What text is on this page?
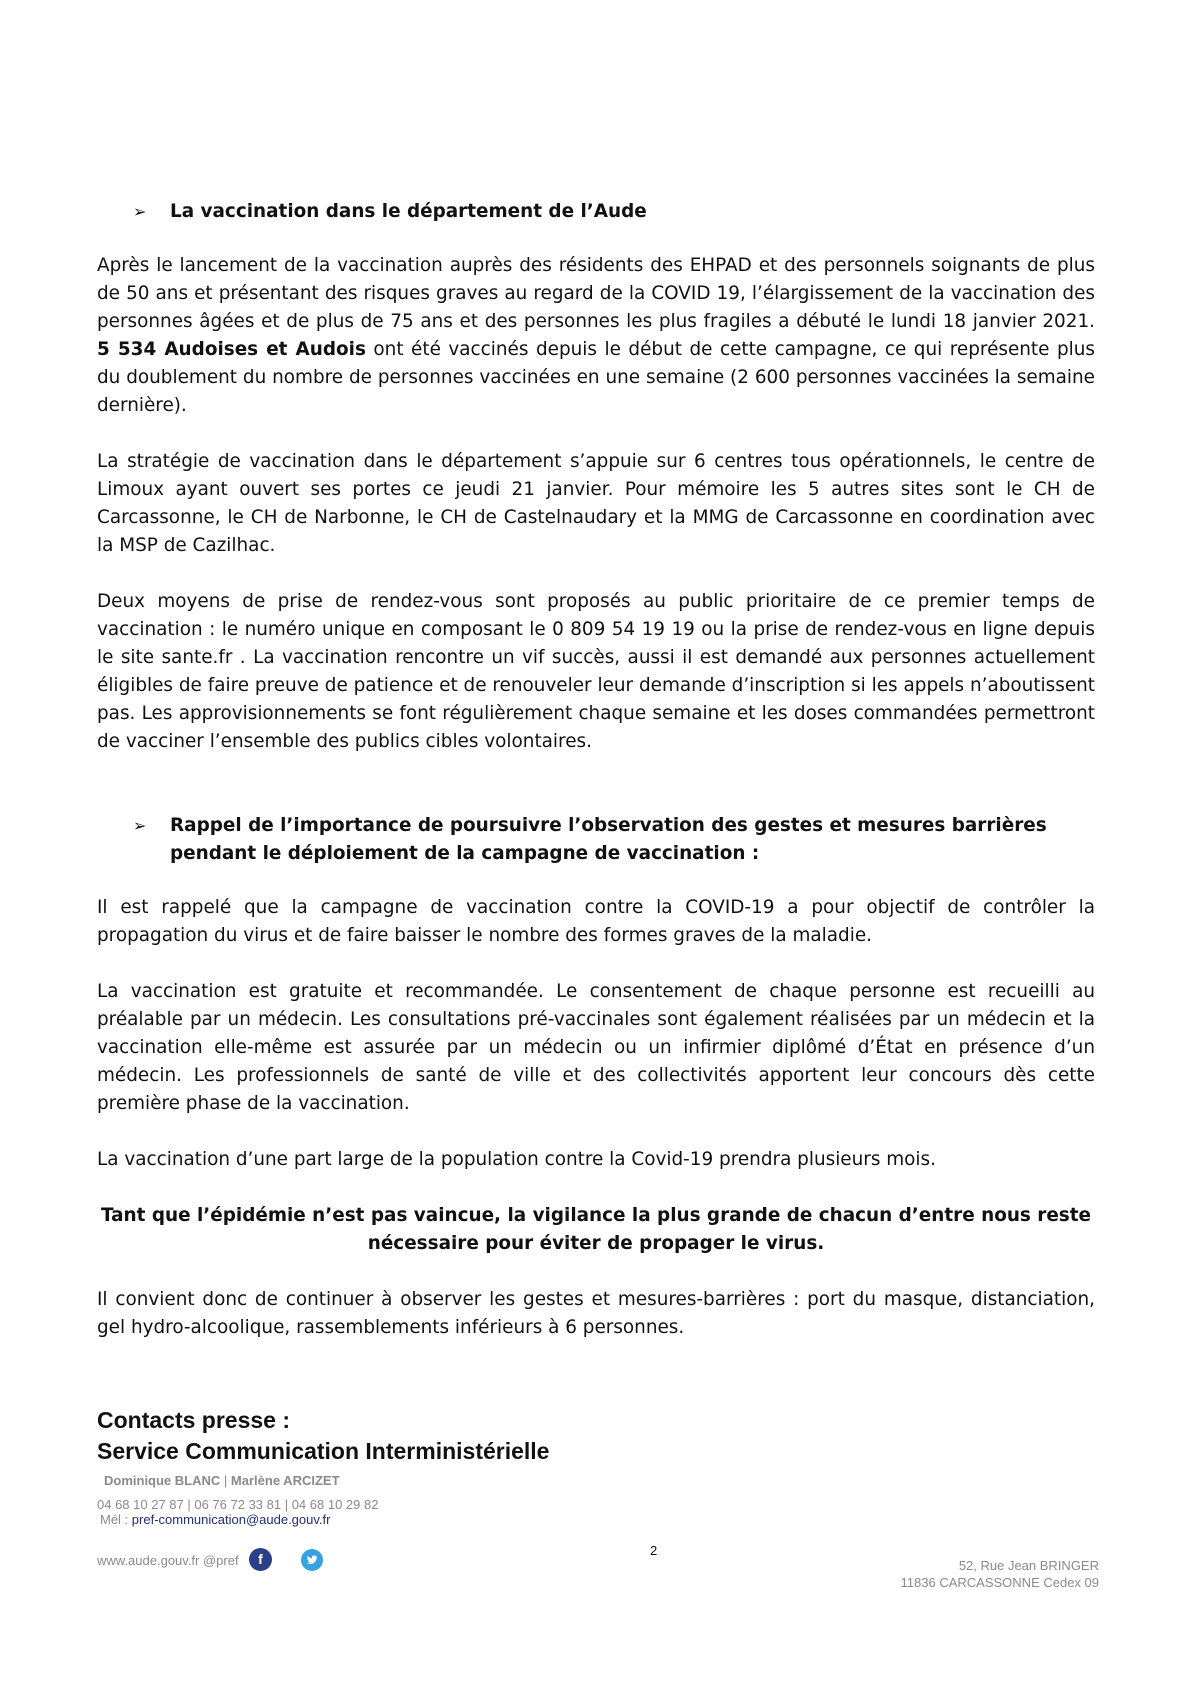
➢ La vaccination dans le département de l’Aude

Après le lancement de la vaccination auprès des résidents des EHPAD et des personnels soignants de plus de 50 ans et présentant des risques graves au regard de la COVID 19, l’élargissement de la vaccination des personnes âgées et de plus de 75 ans et des personnes les plus fragiles a débuté le lundi 18 janvier 2021. 5 534 Audoises et Audois ont été vaccinés depuis le début de cette campagne, ce qui représente plus du doublement du nombre de personnes vaccinées en une semaine (2 600 personnes vaccinées la semaine dernière).

La stratégie de vaccination dans le département s’appuie sur 6 centres tous opérationnels, le centre de Limoux ayant ouvert ses portes ce jeudi 21 janvier. Pour mémoire les 5 autres sites sont le CH de Carcassonne, le CH de Narbonne, le CH de Castelnaudary et la MMG de Carcassonne en coordination avec la MSP de Cazilhac.

Deux moyens de prise de rendez-vous sont proposés au public prioritaire de ce premier temps de vaccination : le numéro unique en composant le 0 809 54 19 19 ou la prise de rendez-vous en ligne depuis le site sante.fr . La vaccination rencontre un vif succès, aussi il est demandé aux personnes actuellement éligibles de faire preuve de patience et de renouveler leur demande d’inscription si les appels n’aboutissent pas. Les approvisionnements se font régulièrement chaque semaine et les doses commandées permettront de vacciner l’ensemble des publics cibles volontaires.

➢ Rappel de l’importance de poursuivre l’observation des gestes et mesures barrières pendant le déploiement de la campagne de vaccination :

Il est rappelé que la campagne de vaccination contre la COVID-19 a pour objectif de contrôler la propagation du virus et de faire baisser le nombre des formes graves de la maladie.

La vaccination est gratuite et recommandée. Le consentement de chaque personne est recueilli au préalable par un médecin. Les consultations pré-vaccinales sont également réalisées par un médecin et la vaccination elle-même est assurée par un médecin ou un infirmier diplômé d’État en présence d’un médecin. Les professionnels de santé de ville et des collectivités apportent leur concours dès cette première phase de la vaccination.

La vaccination d’une part large de la population contre la Covid-19 prendra plusieurs mois.

Tant que l’épidémie n’est pas vaincue, la vigilance la plus grande de chacun d’entre nous reste nécessaire pour éviter de propager le virus.

Il convient donc de continuer à observer les gestes et mesures-barrières : port du masque, distanciation, gel hydro-alcoolique, rassemblements inférieurs à 6 personnes.

Contacts presse :
Service Communication Interministérielle
Dominique BLANC | Marlène ARCIZET
04 68 10 27 87 | 06 76 72 33 81 | 04 68 10 29 82
Mél : pref-communication@aude.gouv.fr
www.aude.gouv.fr @pref	f
2
52, Rue Jean BRINGER
11836 CARCASSONNE Cedex 09
